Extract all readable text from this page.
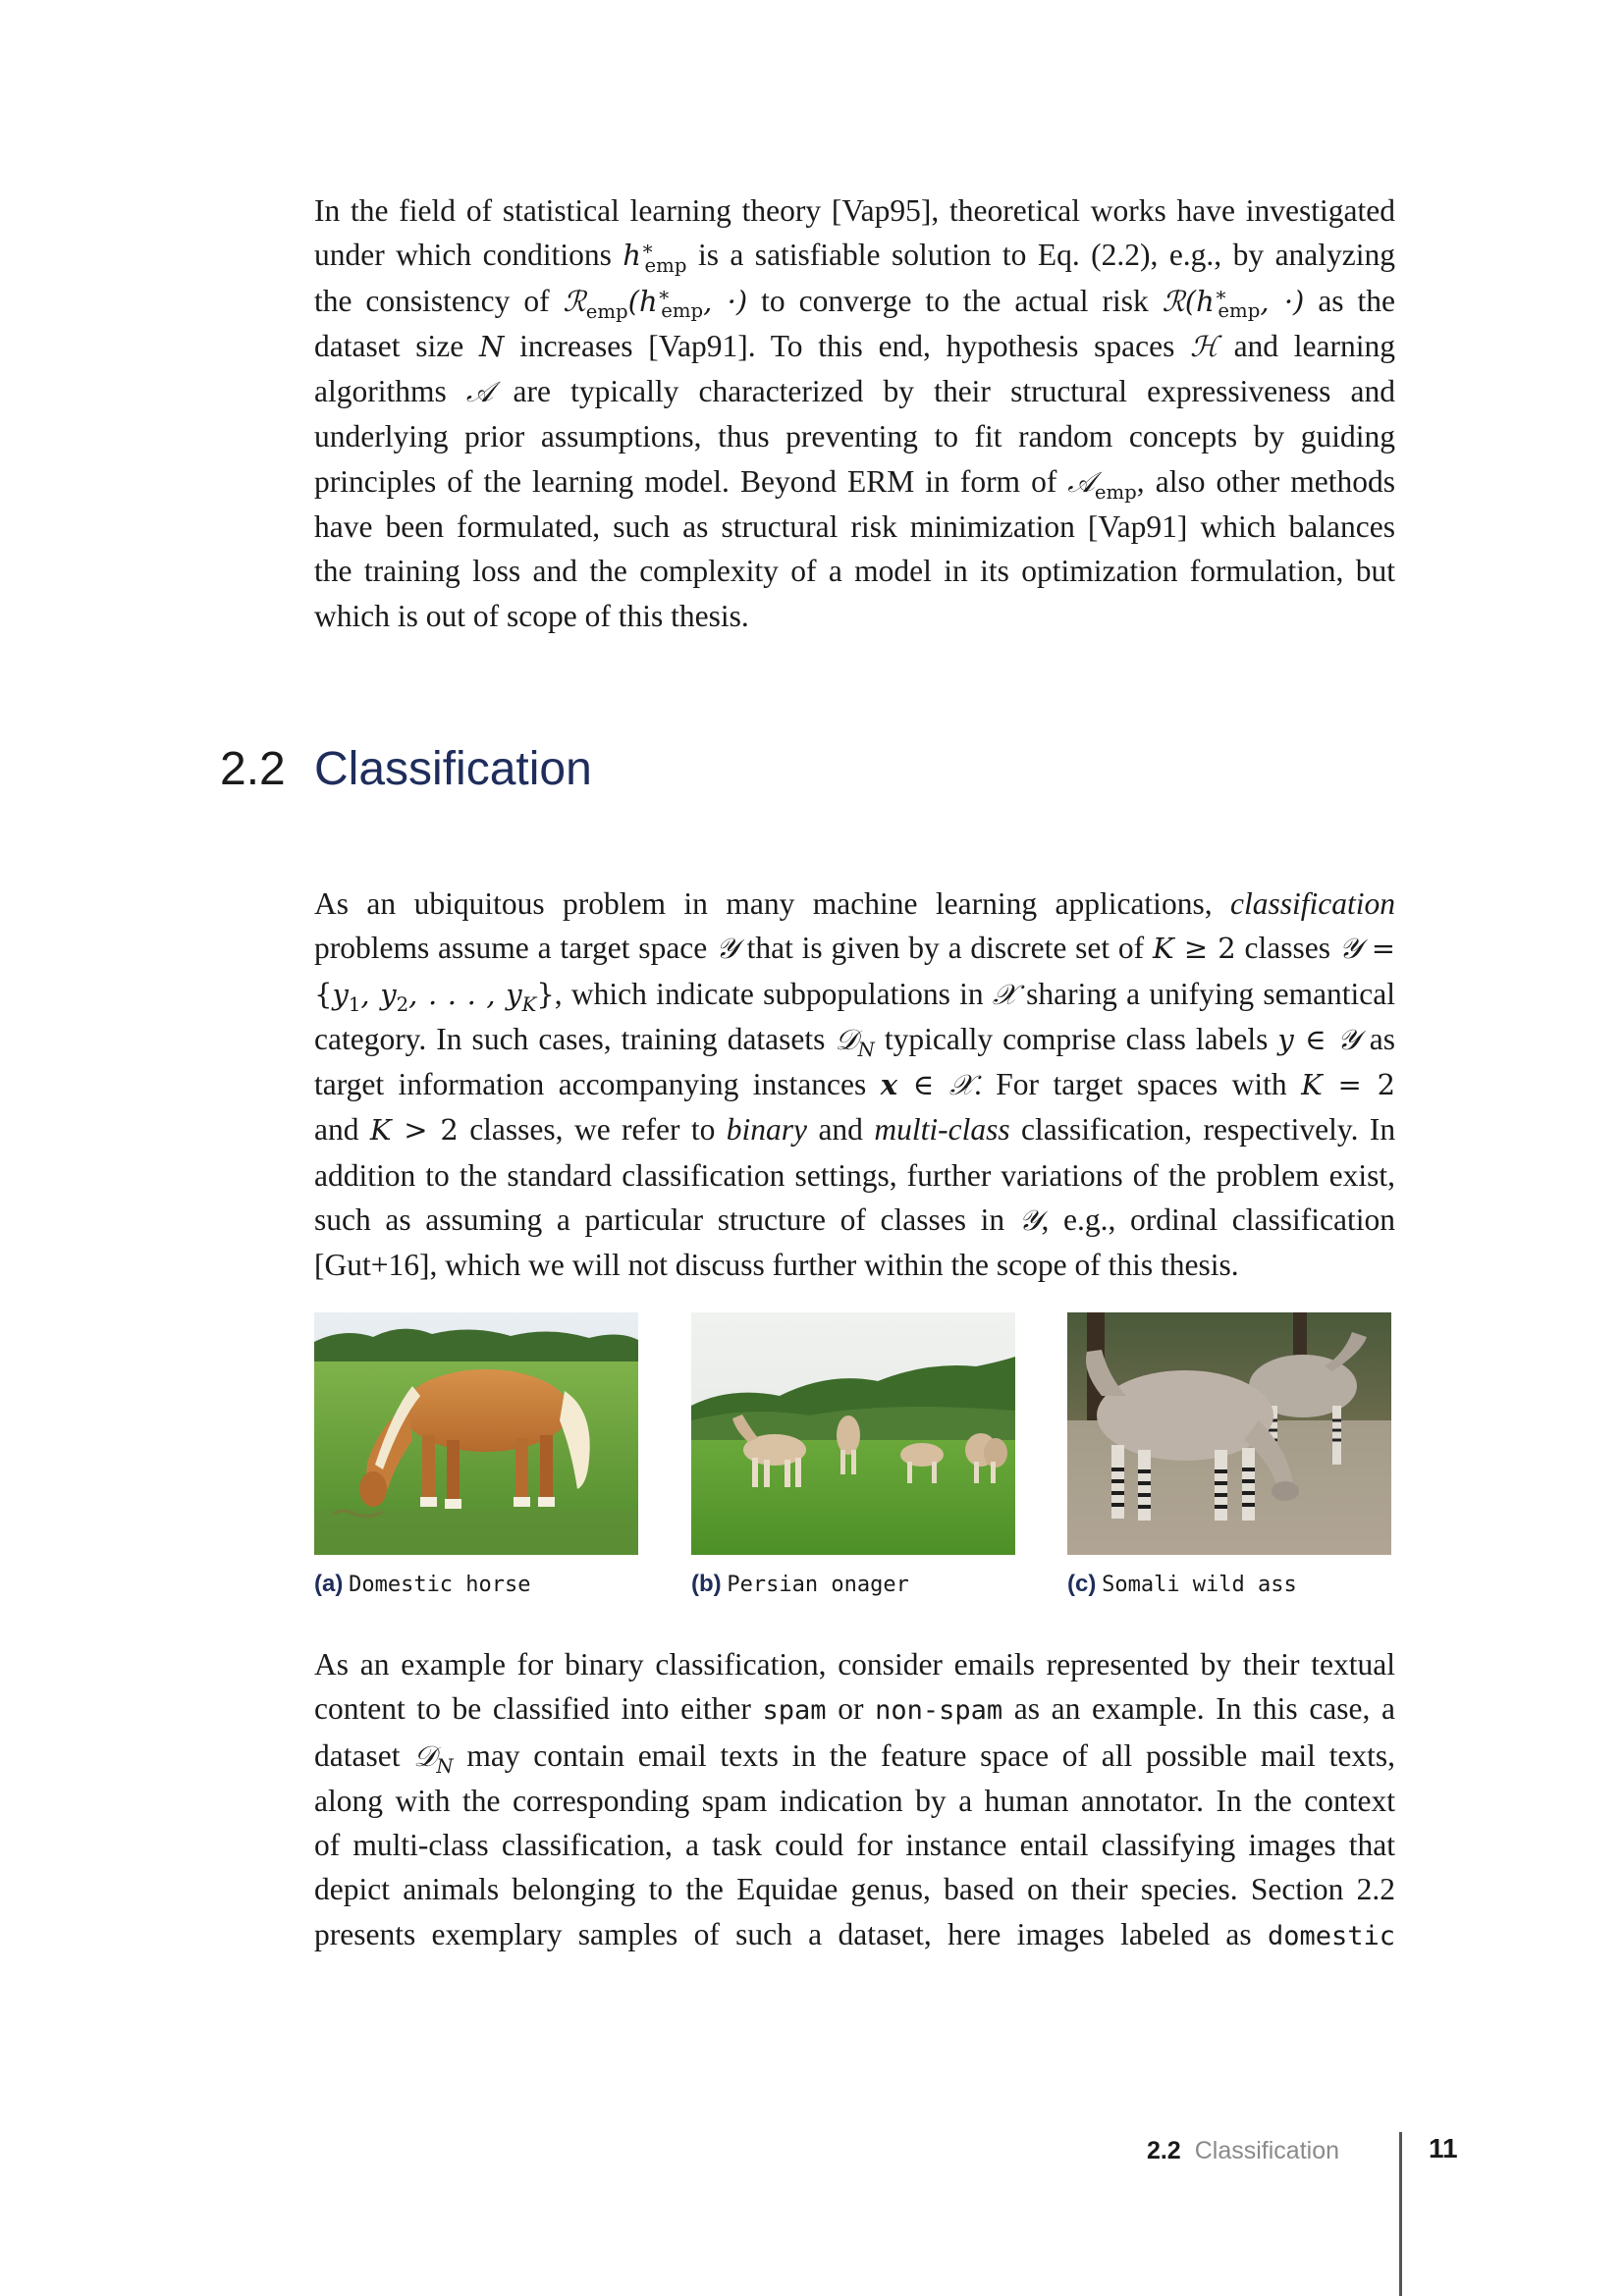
In the field of statistical learning theory [Vap95], theoretical works have investigated
under which conditions $h^∗_{emp}$ is a satisfiable solution to Eq. (2.2), e.g., by analyzing
the consistency of $ℛ_{emp}(h^∗_{emp}$, ·) to converge to the actual risk $ℛ(h^∗_{emp}$, ·) as the
dataset size N increases [Vap91]. To this end, hypothesis spaces ℋ and learning
algorithms 𝒜 are typically characterized by their structural expressiveness and
underlying prior assumptions, thus preventing to fit random concepts by guiding
principles of the learning model. Beyond ERM in form of 𝒜$_{emp}$, also other methods
have been formulated, such as structural risk minimization [Vap91] which balances
the training loss and the complexity of a model in its optimization formulation, but
which is out of scope of this thesis.
2.2 Classification
As an ubiquitous problem in many machine learning applications, classification
problems assume a target space 𝒴 that is given by a discrete set of K ≥ 2 classes 𝒴 =
{$y_1$, $y_2$, . . . , $y_K$}, which indicate subpopulations in 𝒳 sharing a unifying semantical
category. In such cases, training datasets 𝒟$_N$ typically comprise class labels y ∈ 𝒴 as
target information accompanying instances x ∈ 𝒳. For target spaces with K = 2
and K > 2 classes, we refer to binary and multi-class classification, respectively. In
addition to the standard classification settings, further variations of the problem exist,
such as assuming a particular structure of classes in 𝒴, e.g., ordinal classification
[Gut+16], which we will not discuss further within the scope of this thesis.
(a) Domestic horse	(b) Persian onager	(c) Somali wild ass
As an example for binary classification, consider emails represented by their textual
content to be classified into either spam or non-spam as an example. In this case, a
dataset 𝒟$_N$ may contain email texts in the feature space of all possible mail texts,
along with the corresponding spam indication by a human annotator. In the context
of multi-class classification, a task could for instance entail classifying images that
depict animals belonging to the Equidae genus, based on their species. Section 2.2
presents exemplary samples of such a dataset, here images labeled as domestic
2.2 Classification	11
